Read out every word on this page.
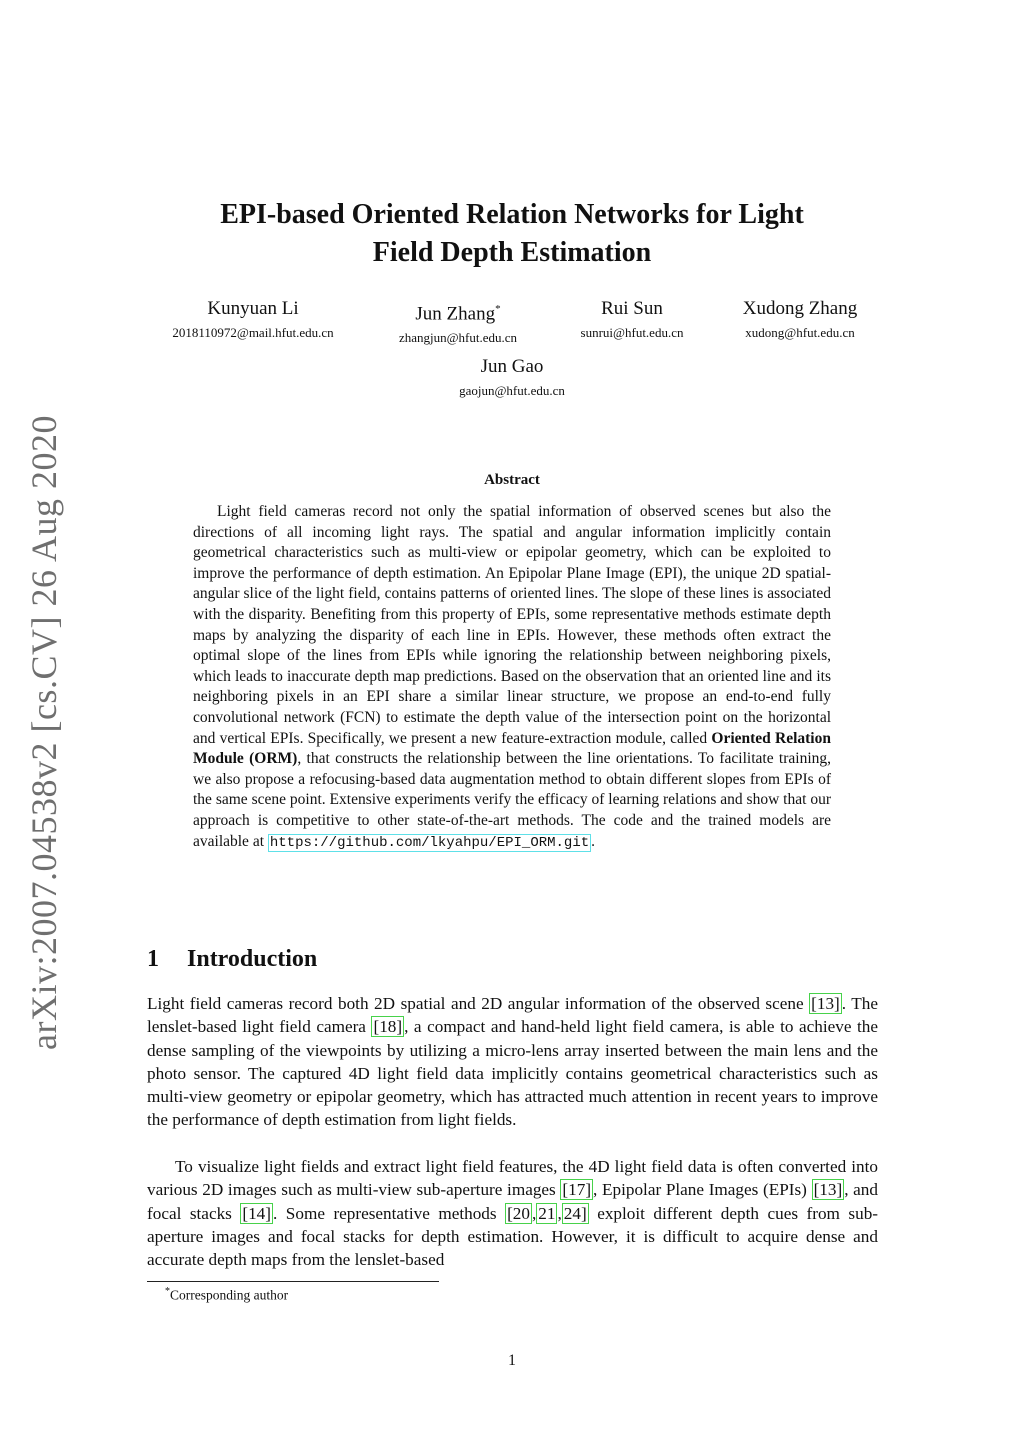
arXiv:2007.04538v2 [cs.CV] 26 Aug 2020
EPI-based Oriented Relation Networks for Light
Field Depth Estimation
Kunyuan Li
2018110972@mail.hfut.edu.cn
Jun Zhang*
zhangjun@hfut.edu.cn
Rui Sun
sunrui@hfut.edu.cn
Xudong Zhang
xudong@hfut.edu.cn
Jun Gao
gaojun@hfut.edu.cn
Abstract

Light field cameras record not only the spatial information of observed scenes but also the directions of all incoming light rays. The spatial and angular information implicitly contain geometrical characteristics such as multi-view or epipolar geometry, which can be exploited to improve the performance of depth estimation. An Epipolar Plane Image (EPI), the unique 2D spatial-angular slice of the light field, contains patterns of oriented lines. The slope of these lines is associated with the disparity. Benefiting from this property of EPIs, some representative methods estimate depth maps by analyzing the disparity of each line in EPIs. However, these methods often extract the optimal slope of the lines from EPIs while ignoring the relationship between neighboring pixels, which leads to inaccurate depth map predictions. Based on the observation that an oriented line and its neighboring pixels in an EPI share a similar linear structure, we propose an end-to-end fully convolutional network (FCN) to estimate the depth value of the intersection point on the horizontal and vertical EPIs. Specifically, we present a new feature-extraction module, called Oriented Relation Module (ORM), that constructs the relationship between the line orientations. To facilitate training, we also propose a refocusing-based data augmentation method to obtain different slopes from EPIs of the same scene point. Extensive experiments verify the efficacy of learning relations and show that our approach is competitive to other state-of-the-art methods. The code and the trained models are available at https://github.com/lkyahpu/EPI_ORM.git .

1 Introduction

Light field cameras record both 2D spatial and 2D angular information of the observed scene [13] . The lenslet-based light field camera [18] , a compact and hand-held light field camera, is able to achieve the dense sampling of the viewpoints by utilizing a micro-lens array inserted between the main lens and the photo sensor. The captured 4D light field data implicitly contains geometrical characteristics such as multi-view geometry or epipolar geometry, which has attracted much attention in recent years to improve the performance of depth estimation from light fields.

To visualize light fields and extract light field features, the 4D light field data is often converted into various 2D images such as multi-view sub-aperture images [17] , Epipolar Plane Images (EPIs) [13] , and focal stacks [14] . Some representative methods [20 , 21 , 24] exploit different depth cues from sub-aperture images and focal stacks for depth estimation. However, it is difficult to acquire dense and accurate depth maps from the lenslet-based

*Corresponding author
1
